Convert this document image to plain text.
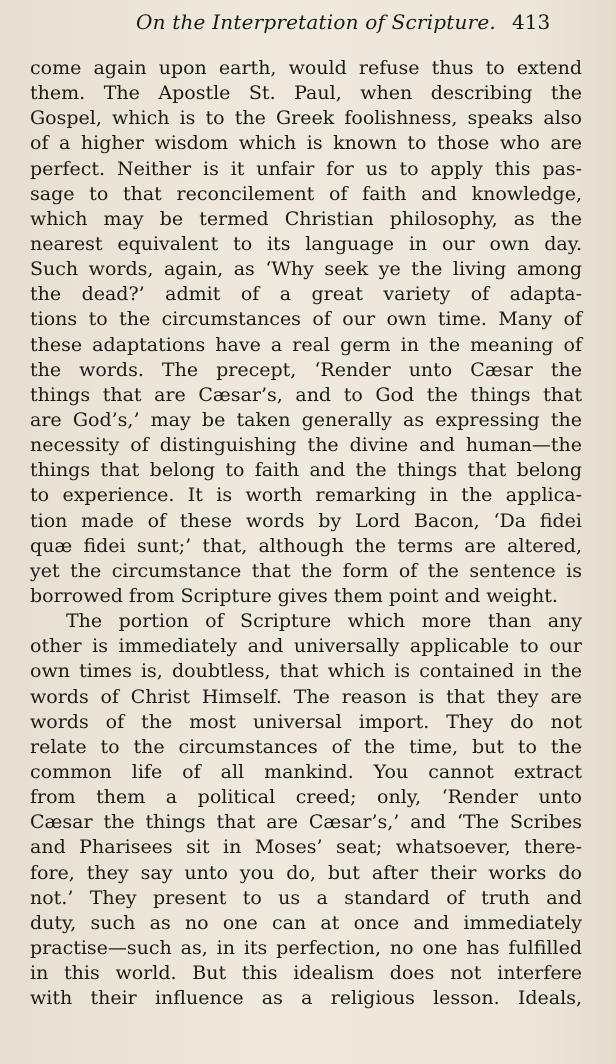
On the Interpretation of Scripture. 413
come again upon earth, would refuse thus to extend
them. The Apostle St. Paul, when describing the
Gospel, which is to the Greek foolishness, speaks also
of a higher wisdom which is known to those who are
perfect. Neither is it unfair for us to apply this pas-
sage to that reconcilement of faith and knowledge,
which may be termed Christian philosophy, as the
nearest equivalent to its language in our own day.
Such words, again, as ‘Why seek ye the living among
the dead?’ admit of a great variety of adapta-
tions to the circumstances of our own time. Many of
these adaptations have a real germ in the meaning of
the words. The precept, ‘Render unto Cæsar the
things that are Cæsar’s, and to God the things that
are God’s,’ may be taken generally as expressing the
necessity of distinguishing the divine and human—the
things that belong to faith and the things that belong
to experience. It is worth remarking in the applica-
tion made of these words by Lord Bacon, ‘Da fidei
quæ fidei sunt;’ that, although the terms are altered,
yet the circumstance that the form of the sentence is
borrowed from Scripture gives them point and weight.
The portion of Scripture which more than any
other is immediately and universally applicable to our
own times is, doubtless, that which is contained in the
words of Christ Himself. The reason is that they are
words of the most universal import. They do not
relate to the circumstances of the time, but to the
common life of all mankind. You cannot extract
from them a political creed; only, ‘Render unto
Cæsar the things that are Cæsar’s,’ and ‘The Scribes
and Pharisees sit in Moses’ seat; whatsoever, there-
fore, they say unto you do, but after their works do
not.’ They present to us a standard of truth and
duty, such as no one can at once and immediately
practise—such as, in its perfection, no one has fulfilled
in this world. But this idealism does not interfere
with their influence as a religious lesson. Ideals,
